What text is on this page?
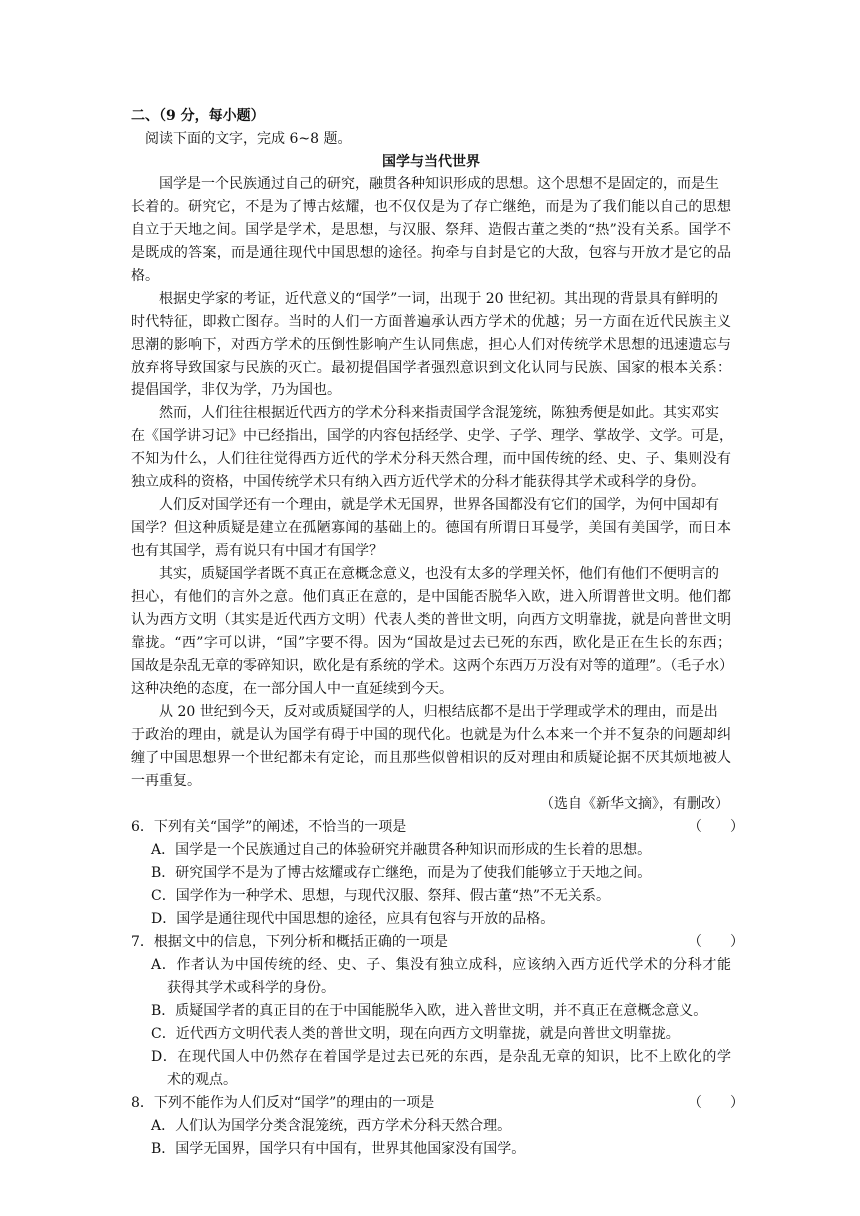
二、（9 分，每小题）
阅读下面的文字，完成 6~8 题。
国学与当代世界
国学是一个民族通过自己的研究，融贯各种知识形成的思想。这个思想不是固定的，而是生
长着的。研究它，不是为了博古炫耀，也不仅仅是为了存亡继绝，而是为了我们能以自己的思想
自立于天地之间。国学是学术，是思想，与汉服、祭拜、造假古董之类的“热”没有关系。国学不
是既成的答案，而是通往现代中国思想的途径。拘牵与自封是它的大敌，包容与开放才是它的品
格。
根据史学家的考证，近代意义的“国学”一词，出现于 20 世纪初。其出现的背景具有鲜明的
时代特征，即救亡图存。当时的人们一方面普遍承认西方学术的优越；另一方面在近代民族主义
思潮的影响下，对西方学术的压倒性影响产生认同焦虑，担心人们对传统学术思想的迅速遗忘与
放弃将导致国家与民族的灭亡。最初提倡国学者强烈意识到文化认同与民族、国家的根本关系：
提倡国学，非仅为学，乃为国也。
然而，人们往往根据近代西方的学术分科来指责国学含混笼统，陈独秀便是如此。其实邓实
在《国学讲习记》中已经指出，国学的内容包括经学、史学、子学、理学、掌故学、文学。可是，
不知为什么，人们往往觉得西方近代的学术分科天然合理，而中国传统的经、史、子、集则没有
独立成科的资格，中国传统学术只有纳入西方近代学术的分科才能获得其学术或科学的身份。
人们反对国学还有一个理由，就是学术无国界，世界各国都没有它们的国学，为何中国却有
国学？但这种质疑是建立在孤陋寡闻的基础上的。德国有所谓日耳曼学，美国有美国学，而日本
也有其国学，焉有说只有中国才有国学？
其实，质疑国学者既不真正在意概念意义，也没有太多的学理关怀，他们有他们不便明言的
担心，有他们的言外之意。他们真正在意的，是中国能否脱华入欧，进入所谓普世文明。他们都
认为西方文明（其实是近代西方文明）代表人类的普世文明，向西方文明靠拢，就是向普世文明
靠拢。“西”字可以讲，“国”字要不得。因为“国故是过去已死的东西，欧化是正在生长的东西；
国故是杂乱无章的零碎知识，欧化是有系统的学术。这两个东西万万没有对等的道理”。（毛子水）
这种决绝的态度，在一部分国人中一直延续到今天。
从 20 世纪到今天，反对或质疑国学的人，归根结底都不是出于学理或学术的理由，而是出
于政治的理由，就是认为国学有碍于中国的现代化。也就是为什么本来一个并不复杂的问题却纠
缠了中国思想界一个世纪都未有定论，而且那些似曾相识的反对理由和质疑论据不厌其烦地被人
一再重复。
（选自《新华文摘》，有删改）
6．下列有关“国学”的阐述，不恰当的一项是	（　　）
A．国学是一个民族通过自己的体验研究并融贯各种知识而形成的生长着的思想。
B．研究国学不是为了博古炫耀或存亡继绝，而是为了使我们能够立于天地之间。
C．国学作为一种学术、思想，与现代汉服、祭拜、假古董“热”不无关系。
D．国学是通往现代中国思想的途径，应具有包容与开放的品格。
7．根据文中的信息，下列分析和概括正确的一项是	（　　）
A．作者认为中国传统的经、史、子、集没有独立成科，应该纳入西方近代学术的分科才能
获得其学术或科学的身份。
B．质疑国学者的真正目的在于中国能脱华入欧，进入普世文明，并不真正在意概念意义。
C．近代西方文明代表人类的普世文明，现在向西方文明靠拢，就是向普世文明靠拢。
D．在现代国人中仍然存在着国学是过去已死的东西，是杂乱无章的知识，比不上欧化的学
术的观点。
8．下列不能作为人们反对“国学”的理由的一项是	（　　）
A．人们认为国学分类含混笼统，西方学术分科天然合理。
B．国学无国界，国学只有中国有，世界其他国家没有国学。
